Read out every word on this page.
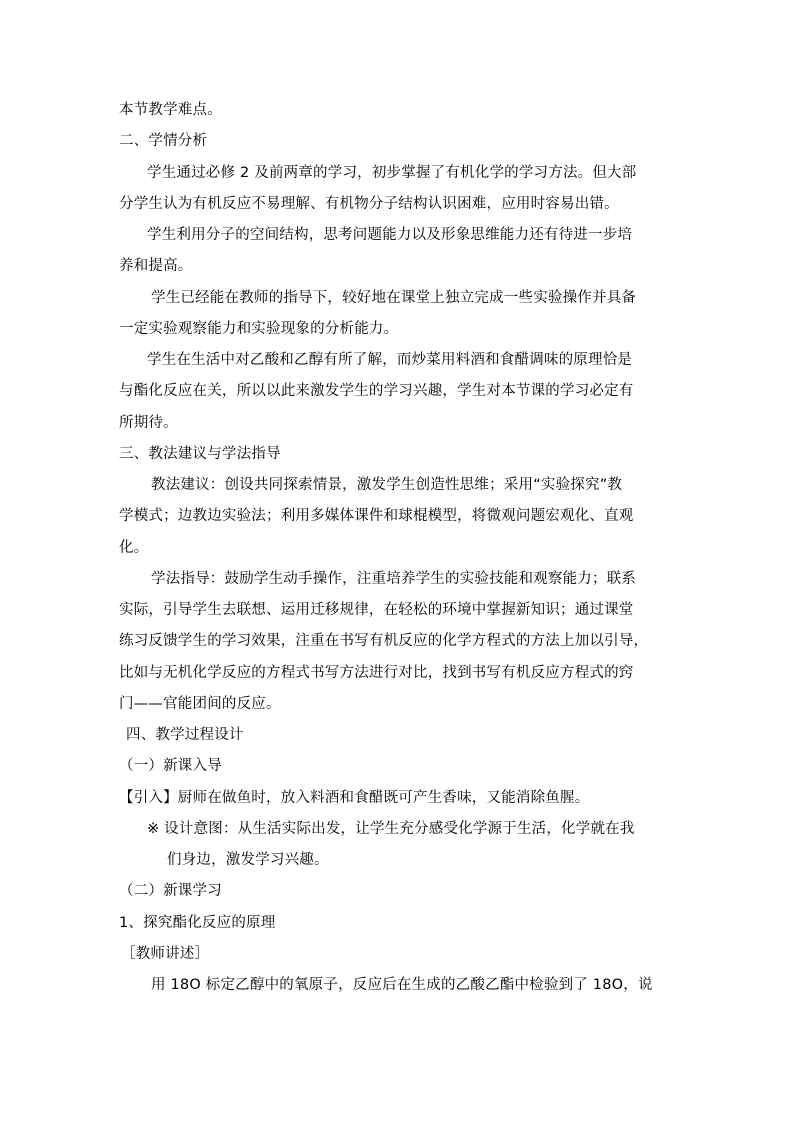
本节教学难点。
二、学情分析
学生通过必修 2 及前两章的学习，初步掌握了有机化学的学习方法。但大部
分学生认为有机反应不易理解、有机物分子结构认识困难，应用时容易出错。
学生利用分子的空间结构，思考问题能力以及形象思维能力还有待进一步培
养和提高。
学生已经能在教师的指导下，较好地在课堂上独立完成一些实验操作并具备
一定实验观察能力和实验现象的分析能力。
学生在生活中对乙酸和乙醇有所了解，而炒菜用料酒和食醋调味的原理恰是
与酯化反应在关，所以以此来激发学生的学习兴趣，学生对本节课的学习必定有
所期待。
三、教法建议与学法指导
教法建议：创设共同探索情景，激发学生创造性思维；采用“实验探究”教
学模式；边教边实验法；利用多媒体课件和球棍模型，将微观问题宏观化、直观
化。
学法指导：鼓励学生动手操作，注重培养学生的实验技能和观察能力；联系
实际，引导学生去联想、运用迁移规律，在轻松的环境中掌握新知识；通过课堂
练习反馈学生的学习效果，注重在书写有机反应的化学方程式的方法上加以引导，
比如与无机化学反应的方程式书写方法进行对比，找到书写有机反应方程式的窍
门——官能团间的反应。
四、教学过程设计
（一）新课入导
【引入】厨师在做鱼时，放入料酒和食醋既可产生香味，又能消除鱼腥。
※ 设计意图：从生活实际出发，让学生充分感受化学源于生活，化学就在我
们身边，激发学习兴趣。
（二）新课学习
1、探究酯化反应的原理
［教师讲述］
用 18O 标定乙醇中的氧原子，反应后在生成的乙酸乙酯中检验到了 18O，说
